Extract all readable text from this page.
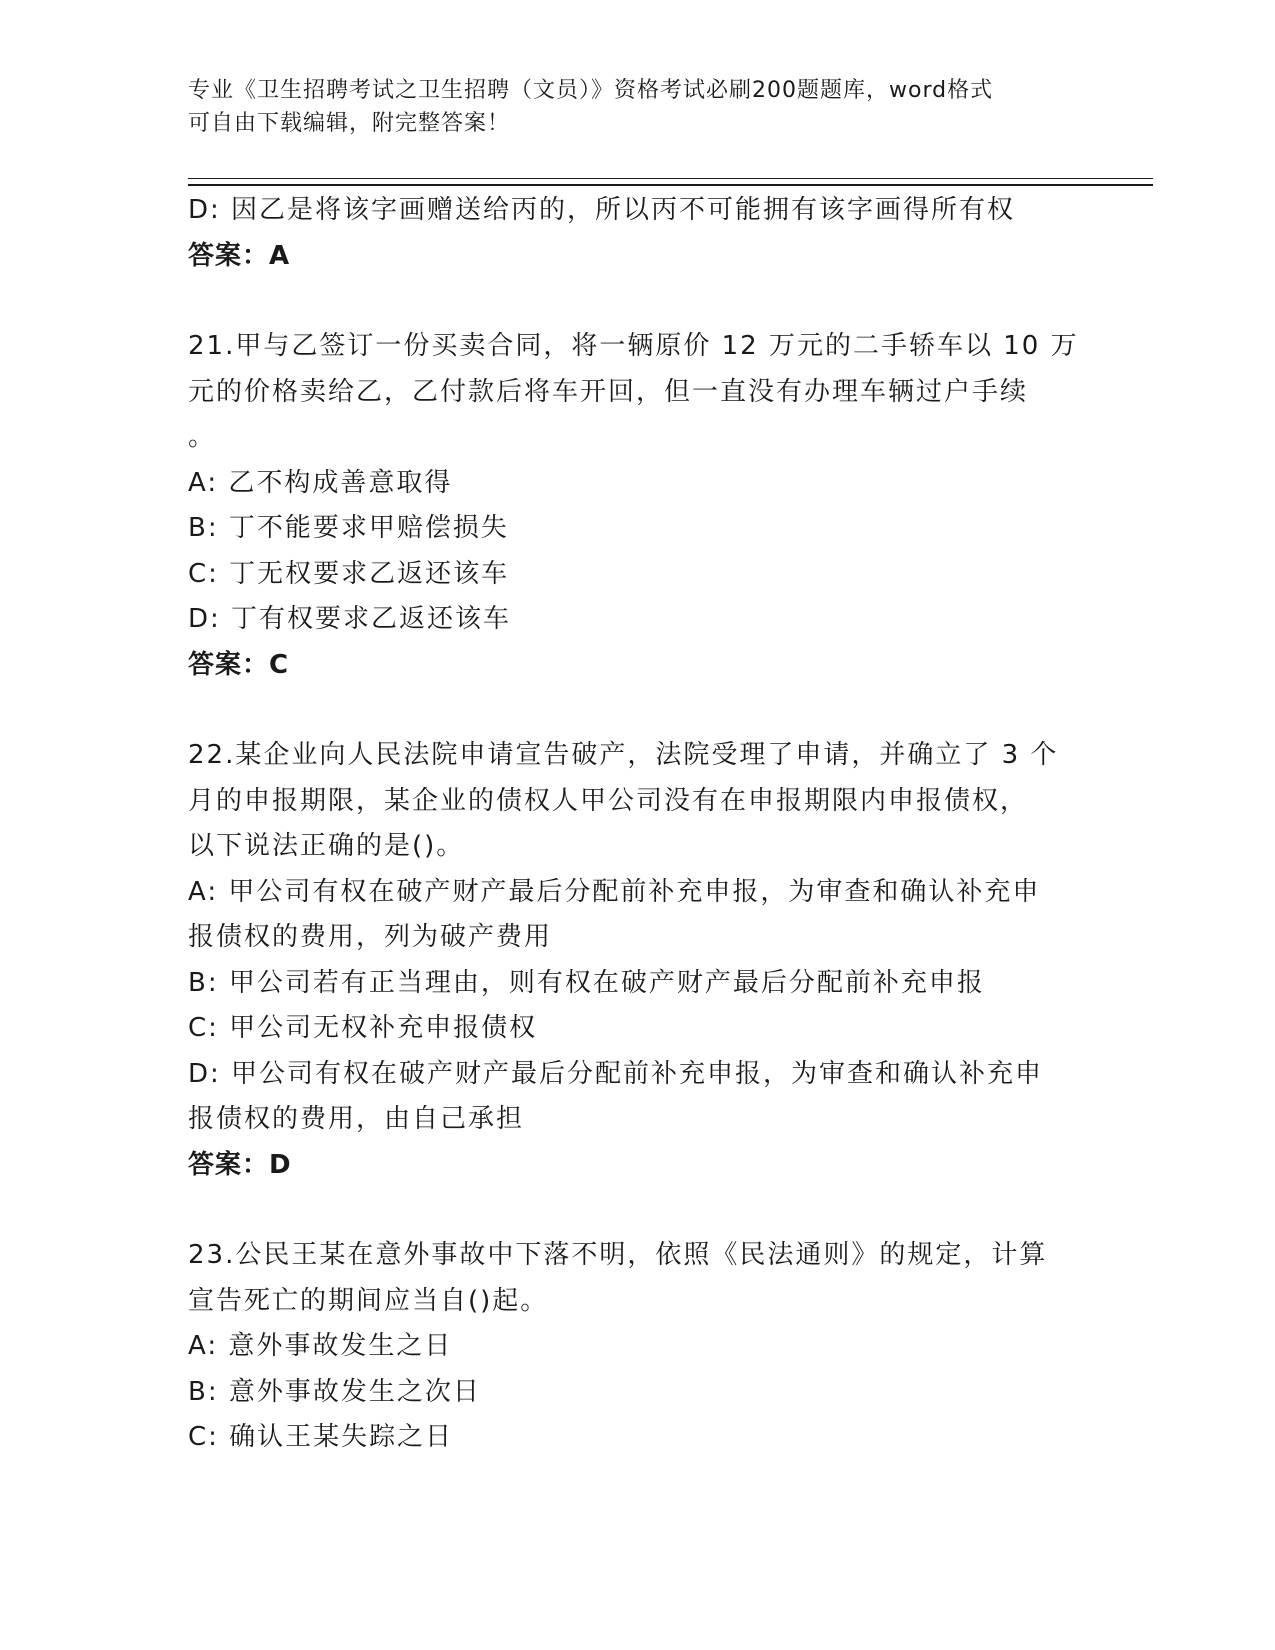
专业《卫生招聘考试之卫生招聘（文员）》资格考试必刷200题题库，word格式

可自由下载编辑，附完整答案！

D: 因乙是将该字画赠送给丙的，所以丙不可能拥有该字画得所有权

答案：A

21.甲与乙签订一份买卖合同，将一辆原价 12 万元的二手轿车以 10 万

元的价格卖给乙，乙付款后将车开回，但一直没有办理车辆过户手续

。

A: 乙不构成善意取得

B: 丁不能要求甲赔偿损失

C: 丁无权要求乙返还该车

D: 丁有权要求乙返还该车

答案：C

22.某企业向人民法院申请宣告破产，法院受理了申请，并确立了 3 个

月的申报期限，某企业的债权人甲公司没有在申报期限内申报债权，

以下说法正确的是()。

A: 甲公司有权在破产财产最后分配前补充申报，为审查和确认补充申

报债权的费用，列为破产费用

B: 甲公司若有正当理由，则有权在破产财产最后分配前补充申报

C: 甲公司无权补充申报债权

D: 甲公司有权在破产财产最后分配前补充申报，为审查和确认补充申

报债权的费用，由自己承担

答案：D

23.公民王某在意外事故中下落不明，依照《民法通则》的规定，计算

宣告死亡的期间应当自()起。

A: 意外事故发生之日

B: 意外事故发生之次日

C: 确认王某失踪之日
